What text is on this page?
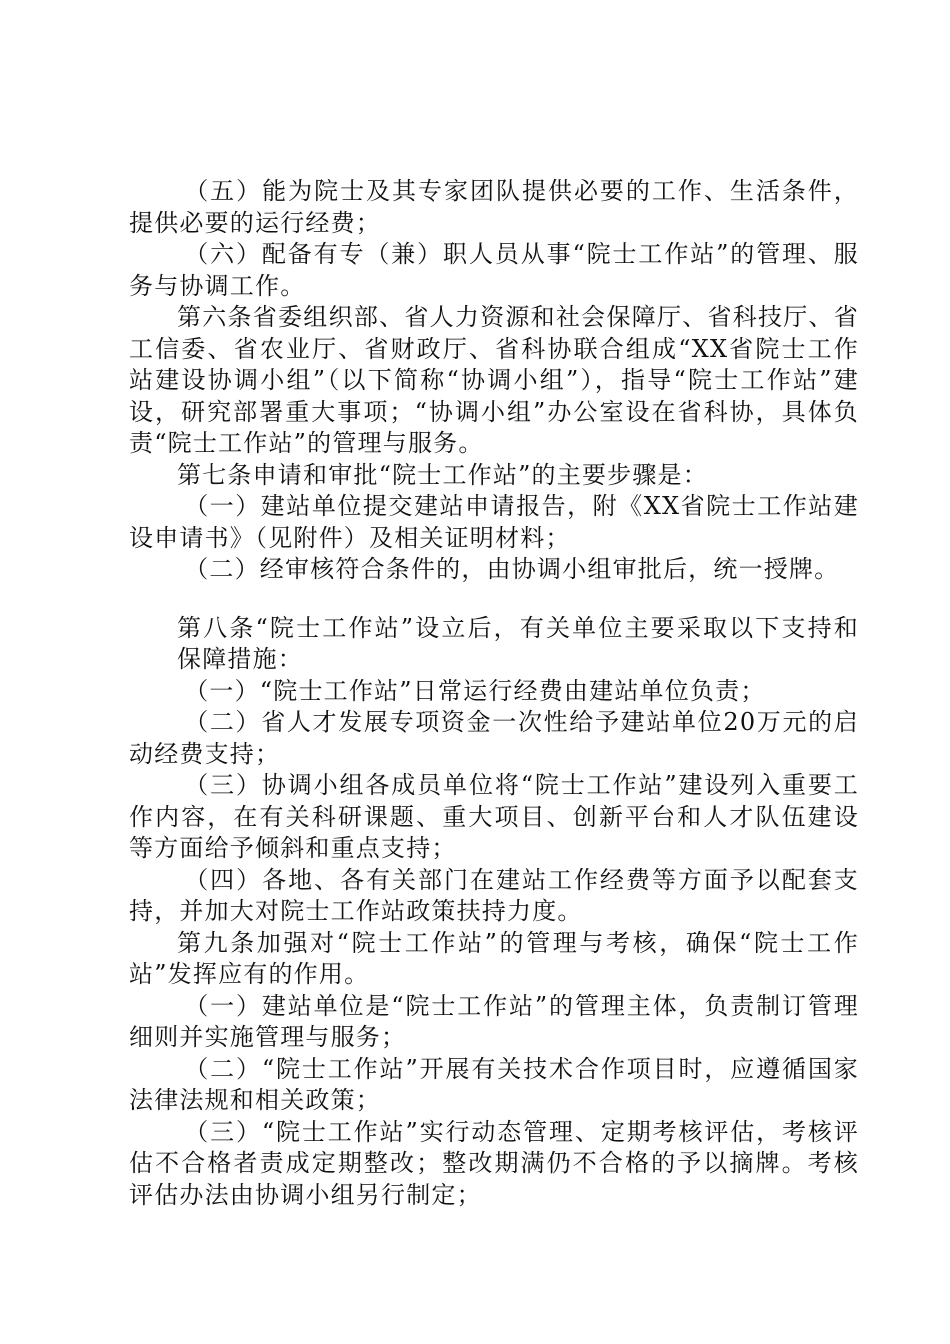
（五）能为院士及其专家团队提供必要的工作、生活条件，提供必要的运行经费；

（六）配备有专（兼）职人员从事“院士工作站”的管理、服务与协调工作。

第六条省委组织部、省人力资源和社会保障厅、省科技厅、省工信委、省农业厅、省财政厅、省科协联合组成“XX省院士工作站建设协调小组”（以下简称“协调小组”），指导“院士工作站”建设，研究部署重大事项；“协调小组”办公室设在省科协，具体负责“院士工作站”的管理与服务。

第七条申请和审批“院士工作站”的主要步骤是：

（一）建站单位提交建站申请报告，附《XX省院士工作站建设申请书》（见附件）及相关证明材料；

（二）经审核符合条件的，由协调小组审批后，统一授牌。

第八条“院士工作站”设立后，有关单位主要采取以下支持和保障措施：

（一）“院士工作站”日常运行经费由建站单位负责；

（二）省人才发展专项资金一次性给予建站单位20万元的启动经费支持；

（三）协调小组各成员单位将“院士工作站”建设列入重要工作内容，在有关科研课题、重大项目、创新平台和人才队伍建设等方面给予倾斜和重点支持；

（四）各地、各有关部门在建站工作经费等方面予以配套支持，并加大对院士工作站政策扶持力度。

第九条加强对“院士工作站”的管理与考核，确保“院士工作站”发挥应有的作用。

（一）建站单位是“院士工作站”的管理主体，负责制订管理细则并实施管理与服务；

（二）“院士工作站”开展有关技术合作项目时，应遵循国家法律法规和相关政策；

（三）“院士工作站”实行动态管理、定期考核评估，考核评估不合格者责成定期整改；整改期满仍不合格的予以摘牌。考核评估办法由协调小组另行制定；
